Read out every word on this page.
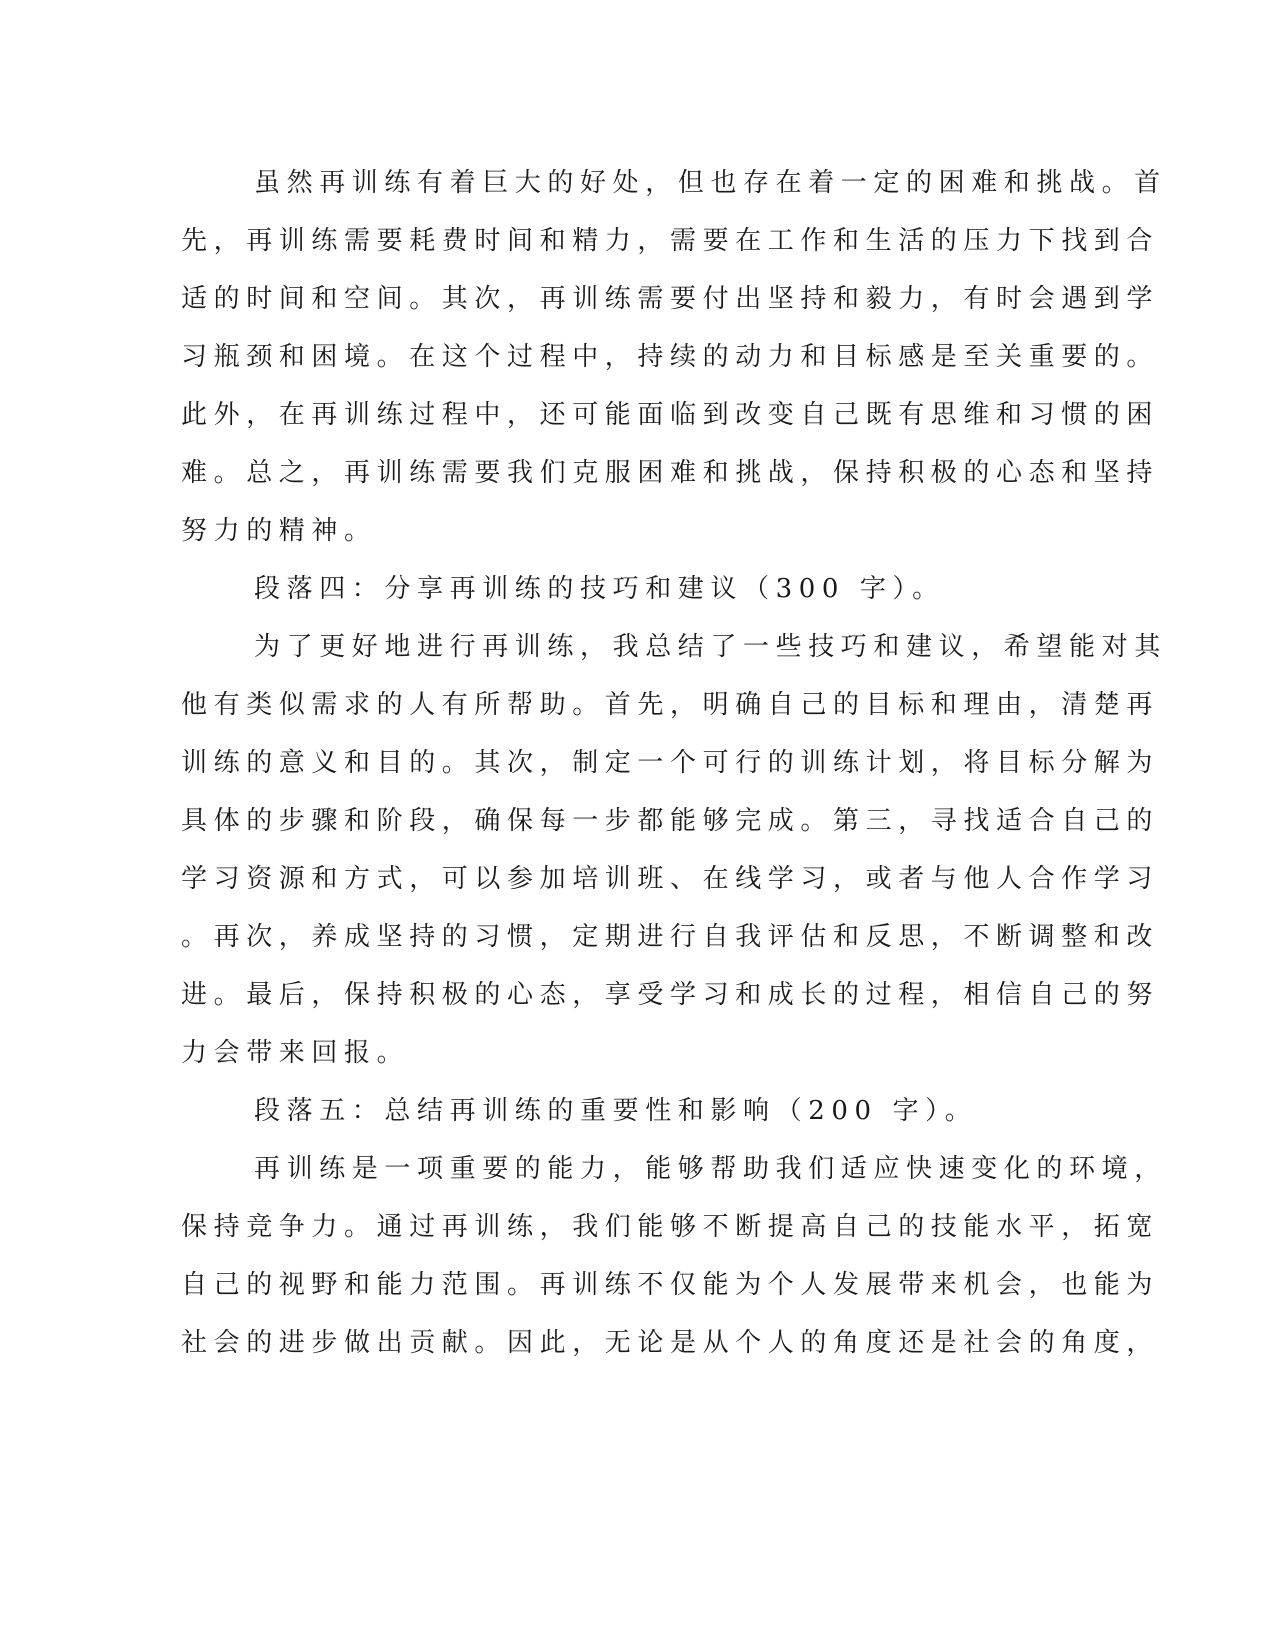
虽然再训练有着巨大的好处，但也存在着一定的困难和挑战。首
先，再训练需要耗费时间和精力，需要在工作和生活的压力下找到合
适的时间和空间。其次，再训练需要付出坚持和毅力，有时会遇到学
习瓶颈和困境。在这个过程中，持续的动力和目标感是至关重要的。
此外，在再训练过程中，还可能面临到改变自己既有思维和习惯的困
难。总之，再训练需要我们克服困难和挑战，保持积极的心态和坚持
努力的精神。
段落四：分享再训练的技巧和建议（300 字）。
为了更好地进行再训练，我总结了一些技巧和建议，希望能对其
他有类似需求的人有所帮助。首先，明确自己的目标和理由，清楚再
训练的意义和目的。其次，制定一个可行的训练计划，将目标分解为
具体的步骤和阶段，确保每一步都能够完成。第三，寻找适合自己的
学习资源和方式，可以参加培训班、在线学习，或者与他人合作学习
。再次，养成坚持的习惯，定期进行自我评估和反思，不断调整和改
进。最后，保持积极的心态，享受学习和成长的过程，相信自己的努
力会带来回报。
段落五：总结再训练的重要性和影响（200 字）。
再训练是一项重要的能力，能够帮助我们适应快速变化的环境，
保持竞争力。通过再训练，我们能够不断提高自己的技能水平，拓宽
自己的视野和能力范围。再训练不仅能为个人发展带来机会，也能为
社会的进步做出贡献。因此，无论是从个人的角度还是社会的角度，
